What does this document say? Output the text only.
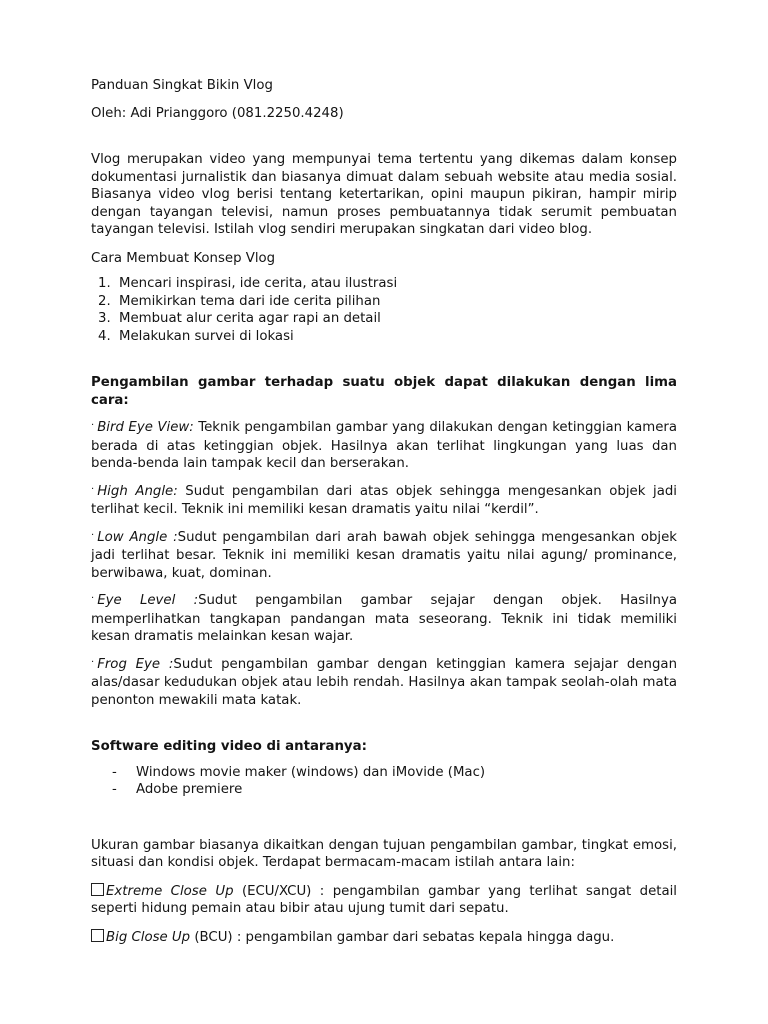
Panduan Singkat Bikin Vlog

Oleh: Adi Prianggoro (081.2250.4248)

Vlog merupakan video yang mempunyai tema tertentu yang dikemas dalam konsep dokumentasi jurnalistik dan biasanya dimuat dalam sebuah website atau media sosial. Biasanya video vlog berisi tentang ketertarikan, opini maupun pikiran, hampir mirip dengan tayangan televisi, namun proses pembuatannya tidak serumit pembuatan tayangan televisi. Istilah vlog sendiri merupakan singkatan dari video blog.

Cara Membuat Konsep Vlog

1. Mencari inspirasi, ide cerita, atau ilustrasi
2. Memikirkan tema dari ide cerita pilihan
3. Membuat alur cerita agar rapi an detail
4. Melakukan survei di lokasi

Pengambilan gambar terhadap suatu objek dapat dilakukan dengan lima cara:

· Bird Eye View: Teknik pengambilan gambar yang dilakukan dengan ketinggian kamera berada di atas ketinggian objek. Hasilnya akan terlihat lingkungan yang luas dan benda-benda lain tampak kecil dan berserakan.

· High Angle: Sudut pengambilan dari atas objek sehingga mengesankan objek jadi terlihat kecil. Teknik ini memiliki kesan dramatis yaitu nilai “kerdil”.

· Low Angle :Sudut pengambilan dari arah bawah objek sehingga mengesankan objek jadi terlihat besar. Teknik ini memiliki kesan dramatis yaitu nilai agung/ prominance, berwibawa, kuat, dominan.

· Eye Level :Sudut pengambilan gambar sejajar dengan objek. Hasilnya memperlihatkan tangkapan pandangan mata seseorang. Teknik ini tidak memiliki kesan dramatis melainkan kesan wajar.

· Frog Eye :Sudut pengambilan gambar dengan ketinggian kamera sejajar dengan alas/dasar kedudukan objek atau lebih rendah. Hasilnya akan tampak seolah-olah mata penonton mewakili mata katak.

Software editing video di antaranya:

- Windows movie maker (windows) dan iMovide (Mac)
- Adobe premiere

Ukuran gambar biasanya dikaitkan dengan tujuan pengambilan gambar, tingkat emosi, situasi dan kondisi objek. Terdapat bermacam-macam istilah antara lain:

Extreme Close Up (ECU/XCU) : pengambilan gambar yang terlihat sangat detail seperti hidung pemain atau bibir atau ujung tumit dari sepatu.

Big Close Up (BCU) : pengambilan gambar dari sebatas kepala hingga dagu.
